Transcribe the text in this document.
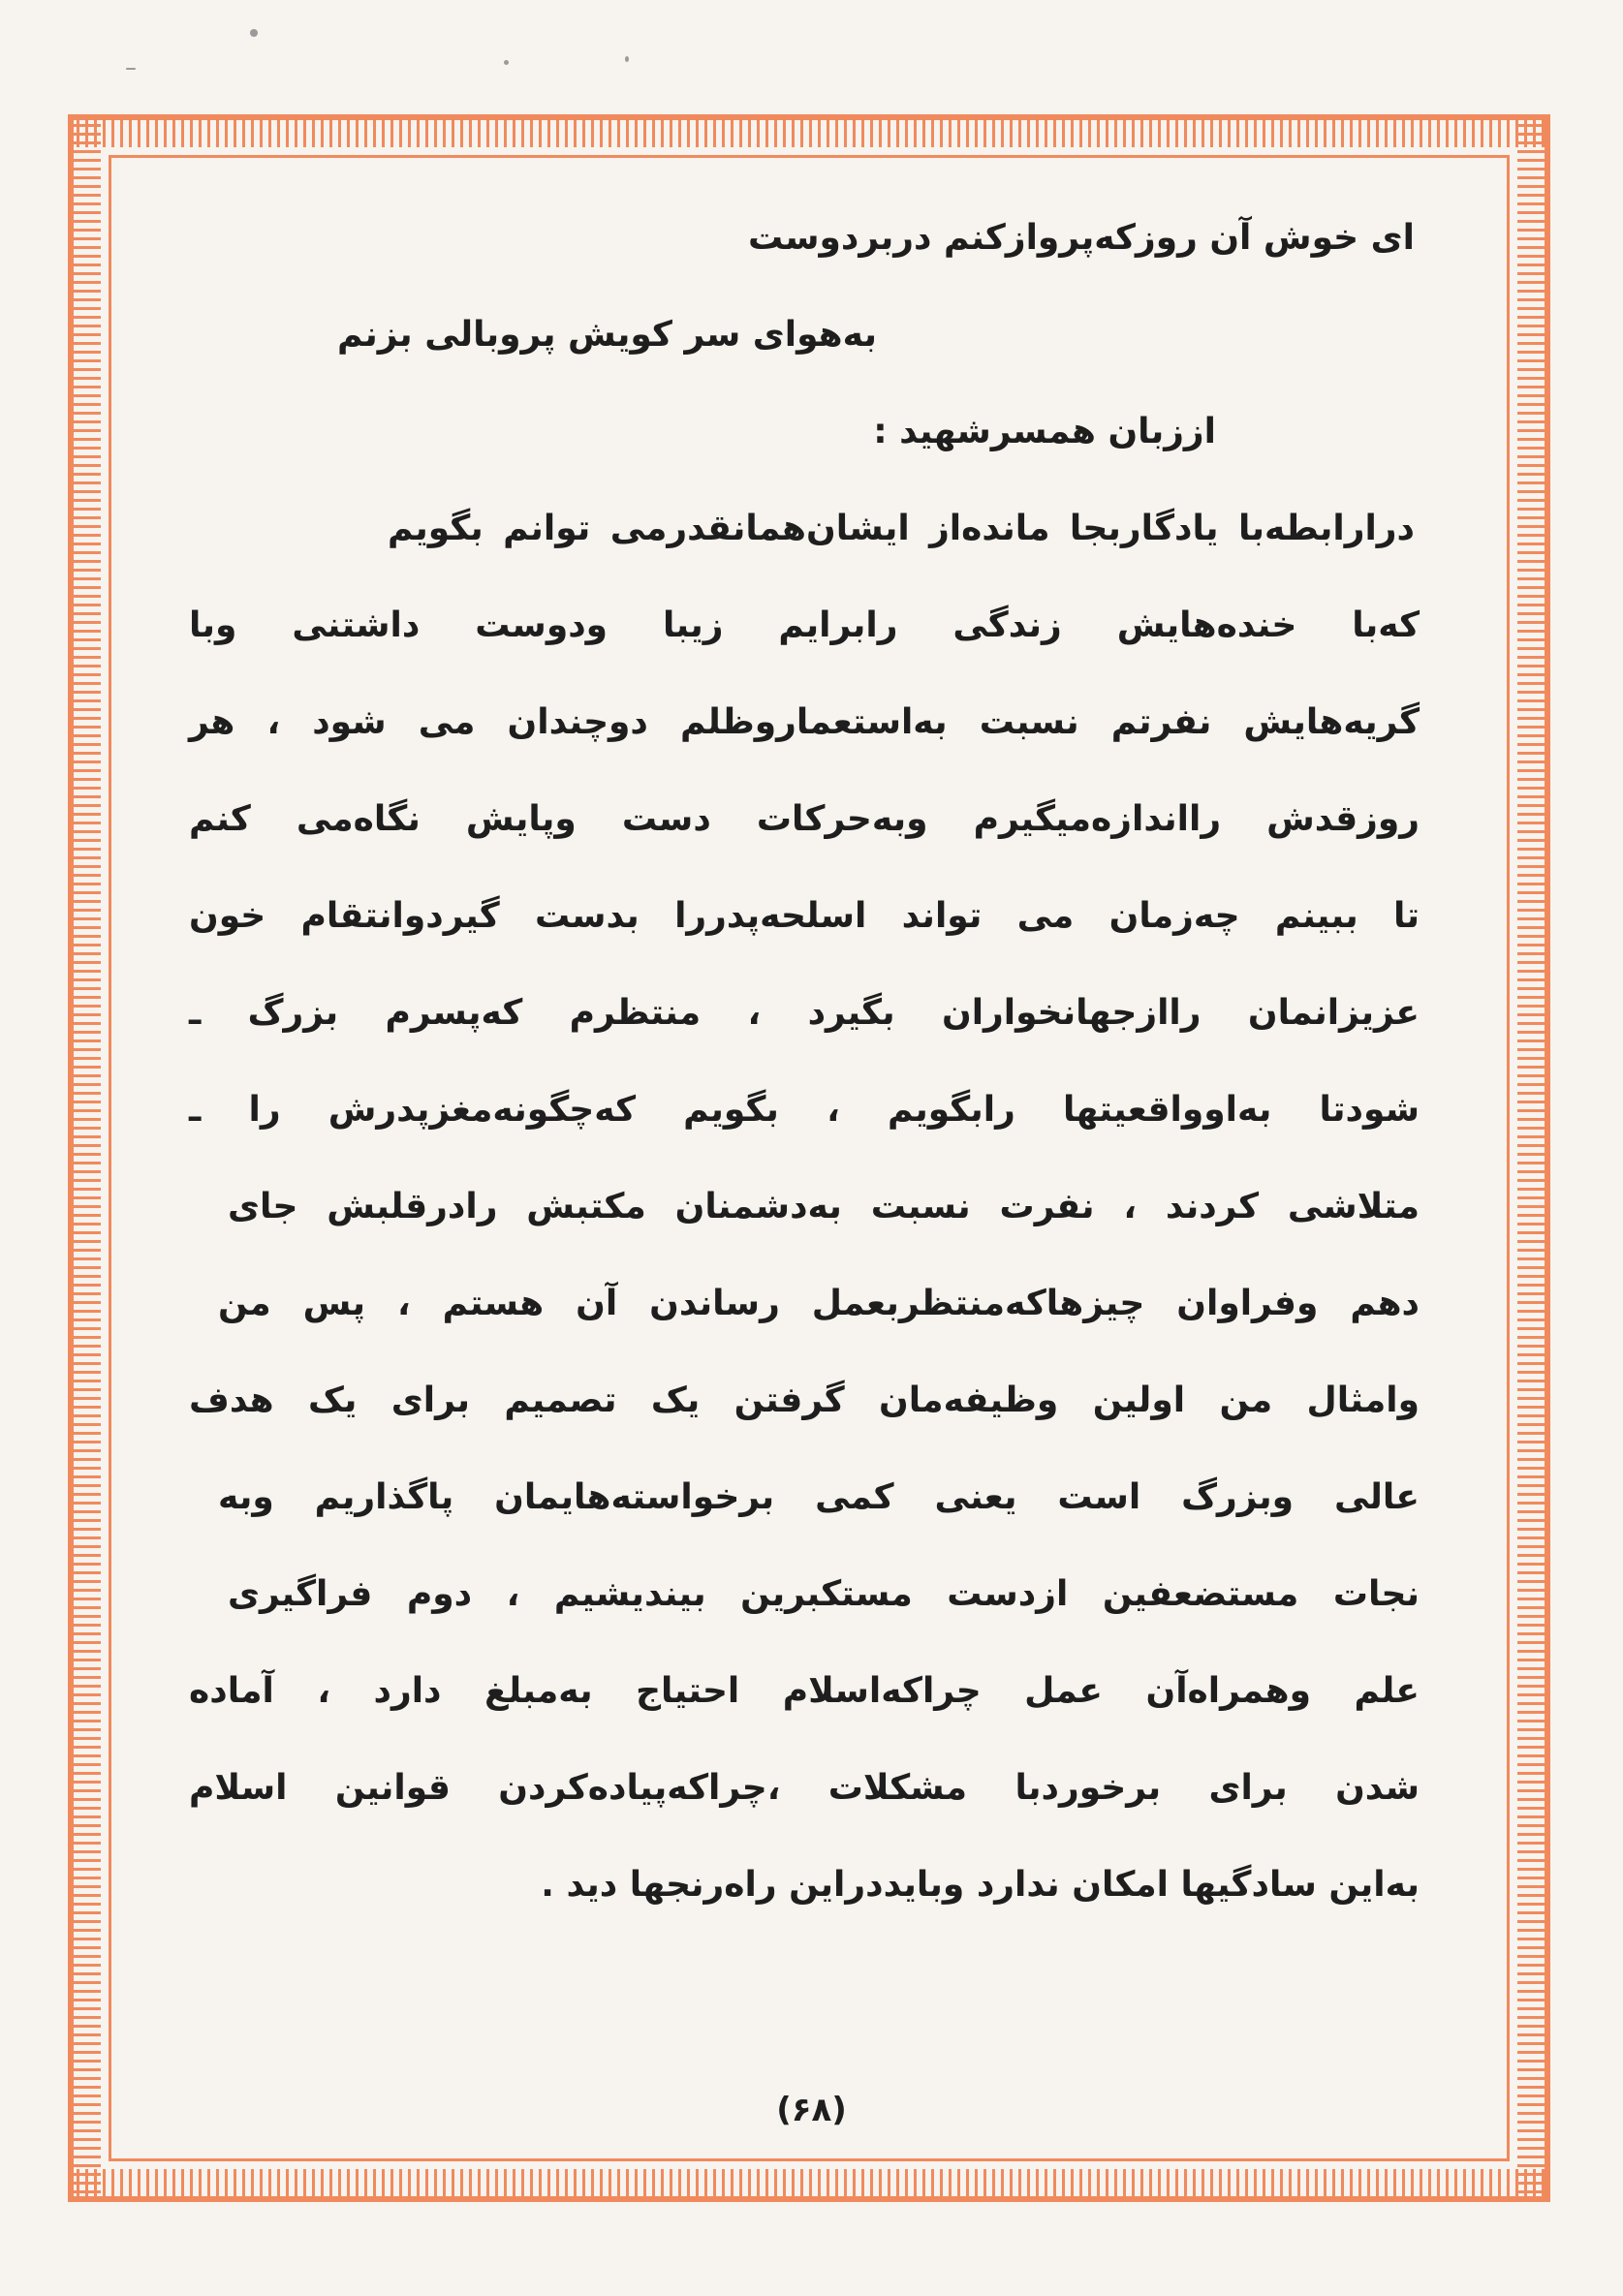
ای خوش آن روزکه‌پروازکنم دربردوست
به‌هوای سر کویش پروبالی بزنم
اززبان همسرشهید :
درارابطه‌با یادگاربجا مانده‌از ایشان‌همانقدرمی توانم بگویم
که‌با خنده‌هایش زندگی رابرایم زیبا ودوست داشتنی وبا
گریه‌هایش نفرتم نسبت به‌استعماروظلم دوچندان می شود ، هر
روزقدش راانداز‌ه‌میگیرم وبه‌حرکات دست وپایش نگاه‌می کنم
تا ببینم چه‌زمان می تواند اسلحه‌پدررا بدست گیردوانتقام خون
عزیزانمان راازجهانخواران بگیرد ، منتظرم که‌پسرم بزرگ ـ
شودتا به‌اوواقعیتها رابگویم ، بگویم که‌چگونه‌مغزپدرش را ـ
متلاشی کردند ، نفرت نسبت به‌دشمنان مکتبش رادرقلبش جای
دهم وفراوان چیزهاکه‌منتظربعمل رساندن آن هستم ، پس من
وامثال من اولین وظیفه‌مان گرفتن یک تصمیم برای یک هدف
عالی وبزرگ است یعنی کمی برخواسته‌هایمان پاگذاریم وبه
نجات مستضعفین ازدست مستکبرین بیندیشیم ، دوم فراگیری
علم وهمراه‌آن عمل چراکه‌اسلام احتیاج به‌مبلغ دارد ، آماده
شدن برای برخوردبا مشکلات ،چراکه‌پیاده‌‌کردن قوانین اسلام
به‌این سادگیها امکان ندارد وبایددراین راه‌رنجها دید .
(۶۸)
